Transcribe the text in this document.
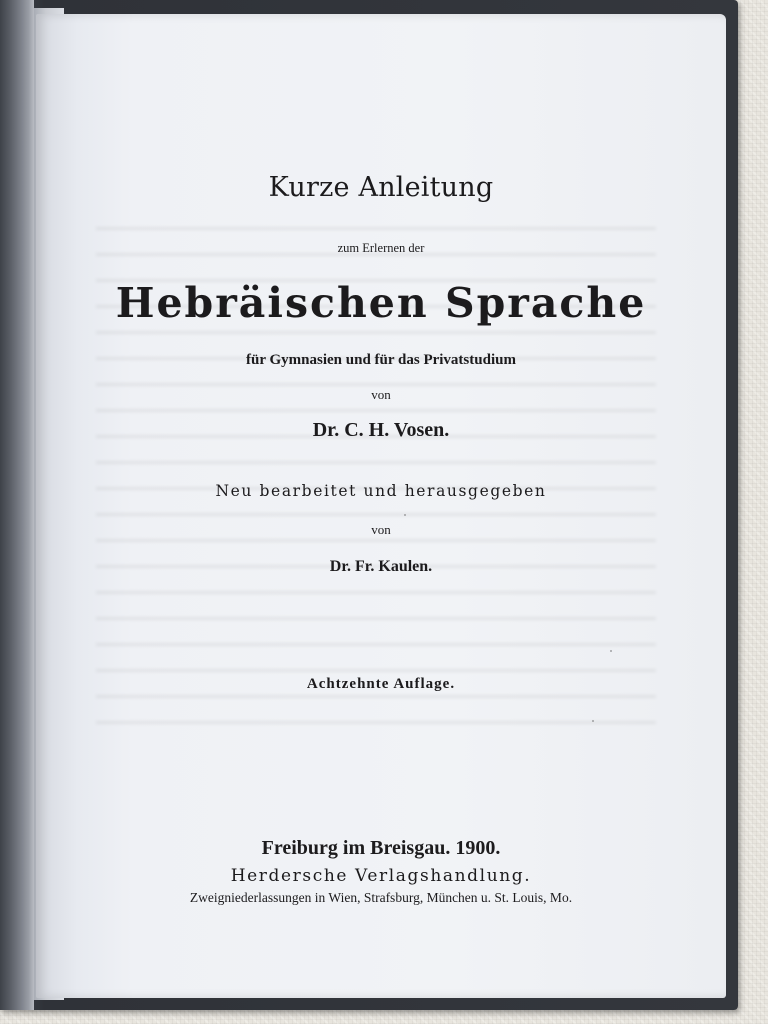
Kurze Anleitung
zum Erlernen der
Hebräischen Sprache
für Gymnasien und für das Privatstudium
von
Dr. C. H. Vosen.
Neu bearbeitet und herausgegeben
von
Dr. Fr. Kaulen.
Achtzehnte Auflage.
Freiburg im Breisgau. 1900.
Herdersche Verlagshandlung.
Zweigniederlassungen in Wien, Strafsburg, München u. St. Louis, Mo.
